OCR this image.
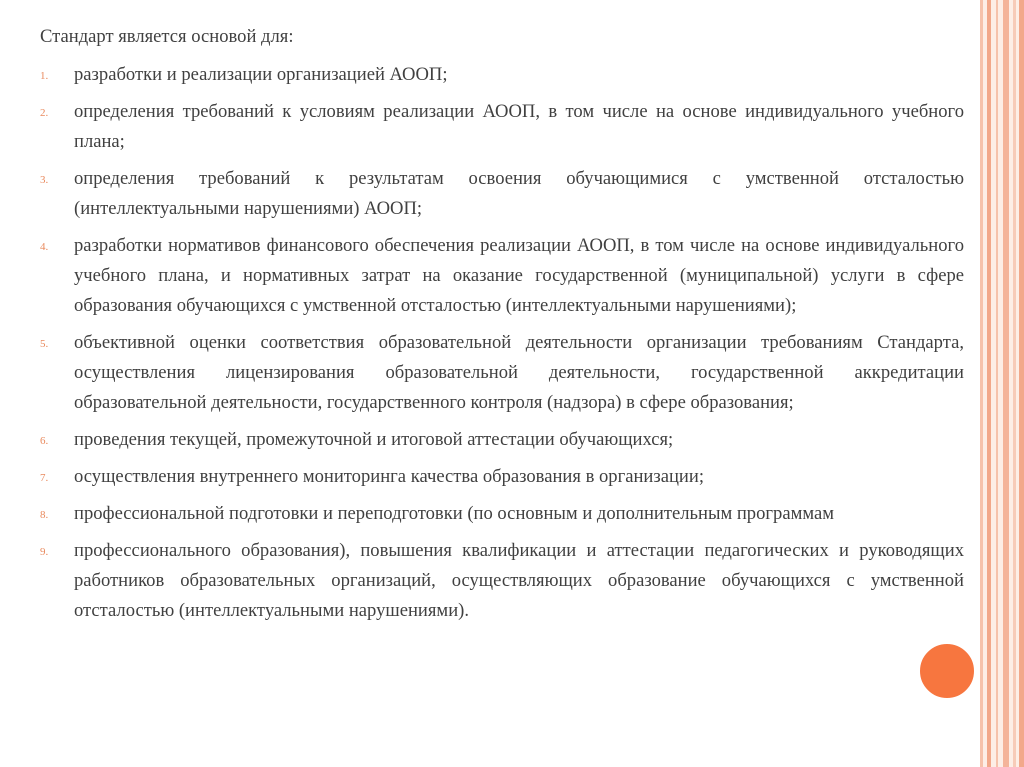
Стандарт является основой для:

1. разработки и реализации организацией АООП;
2. определения требований к условиям реализации АООП, в том числе на основе индивидуального учебного плана;
3. определения требований к результатам освоения обучающимися с умственной отсталостью (интеллектуальными нарушениями) АООП;
4. разработки нормативов финансового обеспечения реализации АООП, в том числе на основе индивидуального учебного плана, и нормативных затрат на оказание государственной (муниципальной) услуги в сфере образования обучающихся с умственной отсталостью (интеллектуальными нарушениями);
5. объективной оценки соответствия образовательной деятельности организации требованиям Стандарта, осуществления лицензирования образовательной деятельности, государственной аккредитации образовательной деятельности, государственного контроля (надзора) в сфере образования;
6. проведения текущей, промежуточной и итоговой аттестации обучающихся;
7. осуществления внутреннего мониторинга качества образования в организации;
8. профессиональной подготовки и переподготовки (по основным и дополнительным программам
9. профессионального образования), повышения квалификации и аттестации педагогических и руководящих работников образовательных организаций, осуществляющих образование обучающихся с умственной отсталостью (интеллектуальными нарушениями).
